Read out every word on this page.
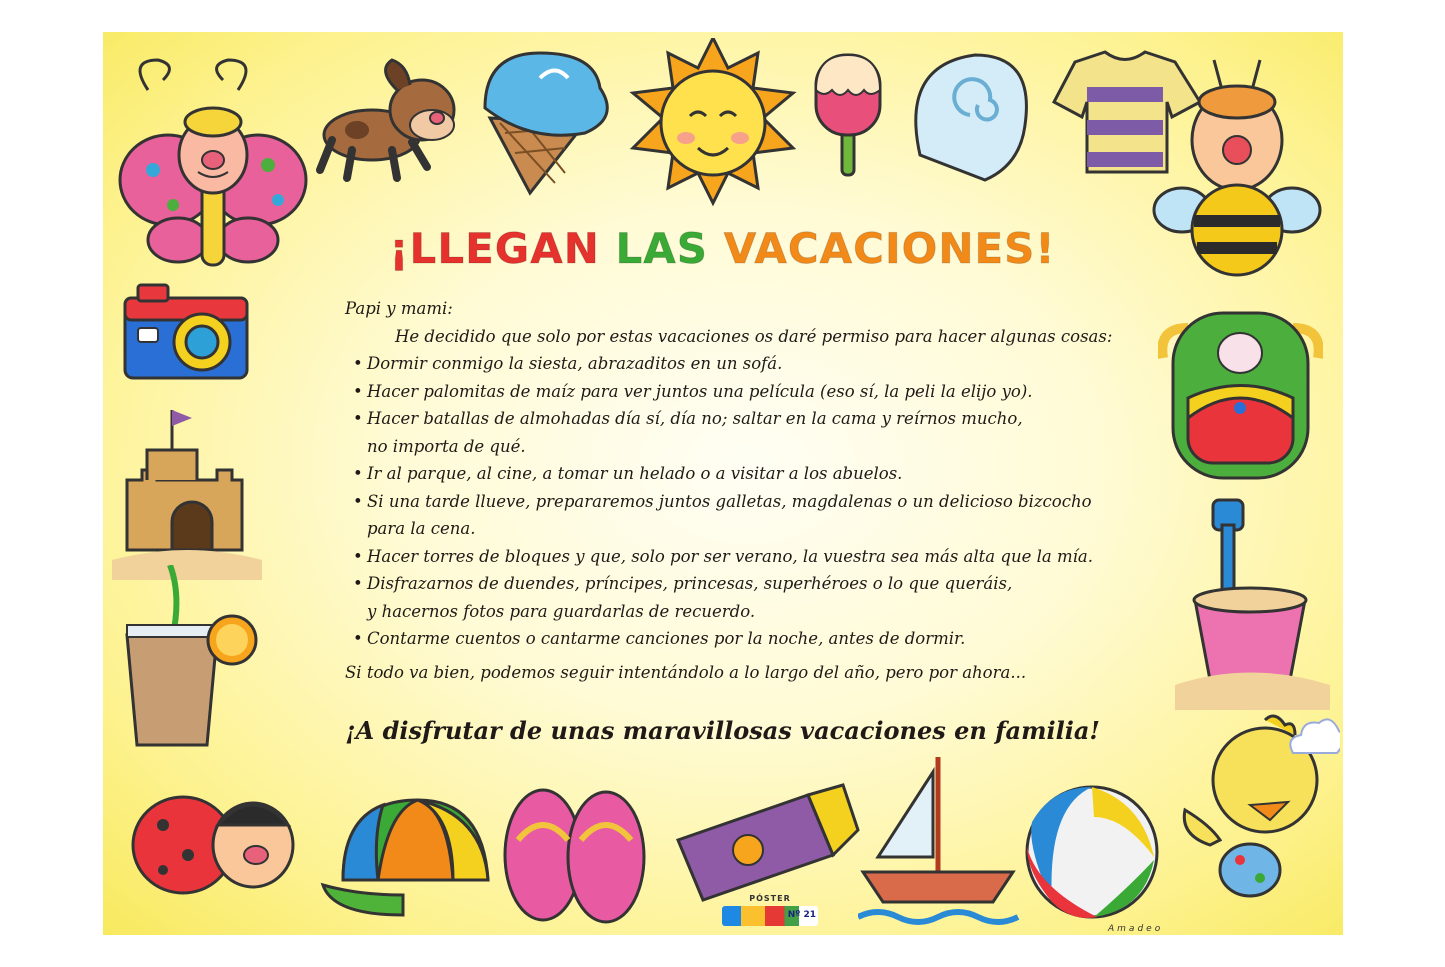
¡LLEGAN LAS VACACIONES!

Papi y mami:

He decidido que solo por estas vacaciones os daré permiso para hacer algunas cosas:

• Dormir conmigo la siesta, abrazaditos en un sofá.
• Hacer palomitas de maíz para ver juntos una película (eso sí, la peli la elijo yo).
• Hacer batallas de almohadas día sí, día no; saltar en la cama y reírnos mucho,
no importa de qué.
• Ir al parque, al cine, a tomar un helado o a visitar a los abuelos.
• Si una tarde llueve, prepararemos juntos galletas, magdalenas o un delicioso bizcocho
para la cena.
• Hacer torres de bloques y que, solo por ser verano, la vuestra sea más alta que la mía.
• Disfrazarnos de duendes, príncipes, princesas, superhéroes o lo que queráis,
y hacernos fotos para guardarlas de recuerdo.
• Contarme cuentos o cantarme canciones por la noche, antes de dormir.

Si todo va bien, podemos seguir intentándolo a lo largo del año, pero por ahora...

¡A disfrutar de unas maravillosas vacaciones en familia!
PÓSTER
Nº 21
Amadeo
